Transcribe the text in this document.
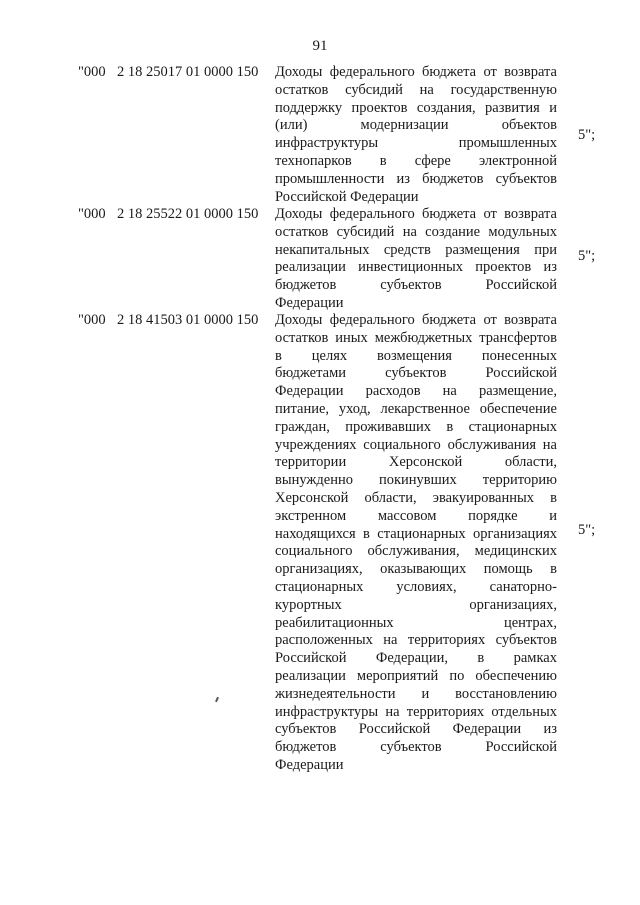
91
"000 2 18 25017 01 0000 150 Доходы федерального бюджета от возврата
остатков субсидий на государственную
поддержку проектов создания, развития и
(или) модернизации объектов
инфраструктуры промышленных
технопарков в сфере электронной
промышленности из бюджетов субъектов
Российской Федерации
5";
"000 2 18 25522 01 0000 150 Доходы федерального бюджета от возврата
остатков субсидий на создание модульных
некапитальных средств размещения при
реализации инвестиционных проектов из
бюджетов субъектов Российской
Федерации
5";
"000 2 18 41503 01 0000 150 Доходы федерального бюджета от возврата
остатков иных межбюджетных трансфертов
в целях возмещения понесенных
бюджетами субъектов Российской
Федерации расходов на размещение,
питание, уход, лекарственное обеспечение
граждан, проживавших в стационарных
учреждениях социального обслуживания на
территории Херсонской области,
вынужденно покинувших территорию
Херсонской области, эвакуированных в
экстренном массовом порядке и
находящихся в стационарных организациях
социального обслуживания, медицинских
организациях, оказывающих помощь в
стационарных условиях, санаторно-
курортных организациях,
реабилитационных центрах,
расположенных на территориях субъектов
Российской Федерации, в рамках
реализации мероприятий по обеспечению
жизнедеятельности и восстановлению
инфраструктуры на территориях отдельных
субъектов Российской Федерации из
бюджетов субъектов Российской
Федерации
5";
